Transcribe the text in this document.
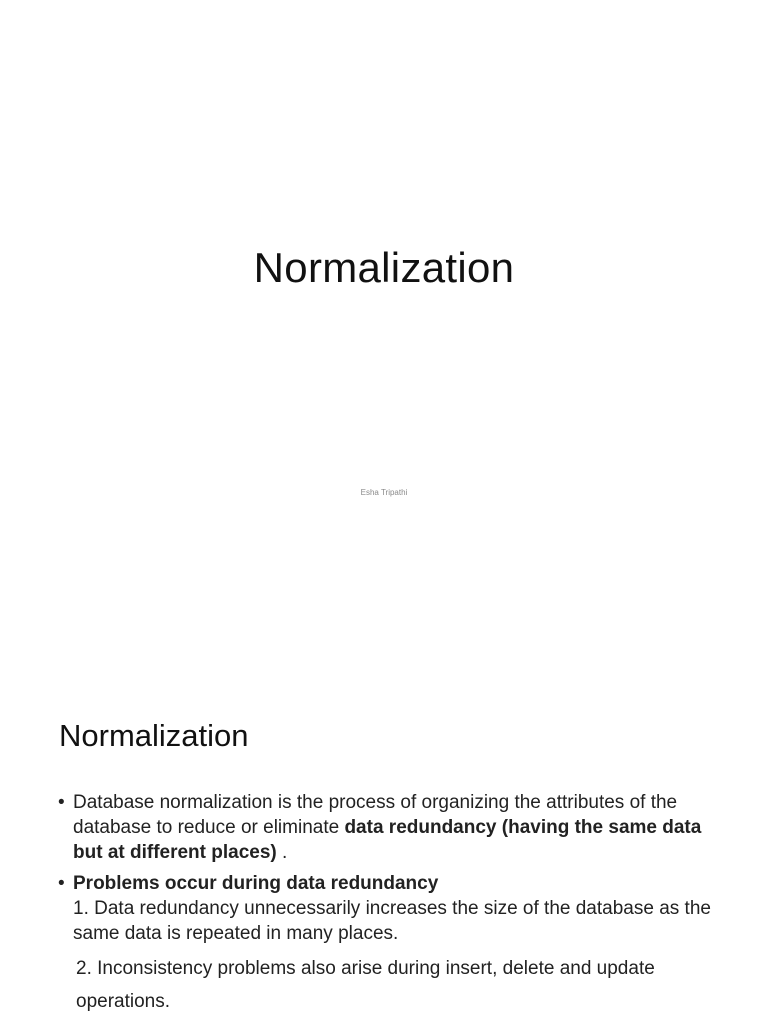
Normalization
Esha Tripathi
Normalization
• Database normalization is the process of organizing the attributes of the database to reduce or eliminate data redundancy (having the same data but at different places) .
• Problems occur during data redundancy
1. Data redundancy unnecessarily increases the size of the database as the same data is repeated in many places.
2. Inconsistency problems also arise during insert, delete and update operations.
